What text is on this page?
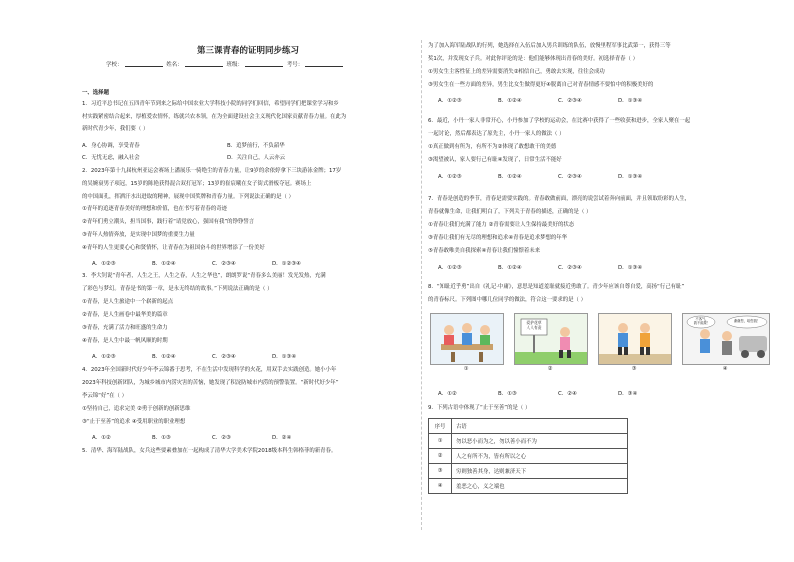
第三课青春的证明同步练习
学校：	姓名：	班级：	考号：
一、选择题
1．习近平总书记在五四青年节到来之际给中国农业大学科技小院的同学们回信，希望同学们把课堂学习和乡
村实践紧密结合起来，厚植爱农情怀，练就兴农本领，在为全面建设社会主义现代化国家贡献青春力量。在此为
新时代青少年，我们要（ ）
A．身心协调，享受青春	B．追梦前行，不负韶华
C．无忧无虑，融入社会	D．关注自己，人云亦云
2．2023年第十九届杭州亚运会赛场上潘展乐一骑绝尘的青春力量，让9岁的余依婷拿下三块游泳金牌；17岁
的吴婉衰男子项冠，15岁的陈艳获得混合双打冠军；13岁的崔宸曦在女子街式滑板夺冠。赛场上
的中国面孔，挥洒汗水出进取的精神，展现中国奖牌和青春力量。下列说法正确的是（ ）
①青年的追逐青春美好的理想和价值，也在书写着青春的奇迹
②青年们勇立潮头，担当国事，践行着“请党放心，强国有我”的铮铮誓言
③青年人热情奔放，是实现中国梦的重要生力量
④青年的人生更要心心和贤情怀，让青春在为祖国奋斗的世界增添了一份美好
A．①②③	B．①②④	C．②③④	D．①②③④
3．李大钊说“青年者，人生之王，人生之春，人生之华也”，朗朗罗说“青春多么美丽！发光发热，充满
了彩色与梦幻。青春是书的第一章，是永无终结的故事。”下列说法正确的是（ ）
①青春，是人生旅途中一个崭新的起点
②青春，是人生画卷中最华美的篇章
③青春，充满了活力和旺盛的生命力
④青春，是人生中最一帆风顺的时期
A．①②③	B．①②④	C．②③④	D．①③④
4．2023年全国新时代好少年李云锦番于思考，不在生活中发现科学的火花，用双手去实践创造。她小小年
2023年科技创新团队，为城乡城市内涝灾害的苦恼，她发现了积淀防城市内涝的预警装置。“新时代好少年”
李云锦“好”在（ ）
①坚持自己，追求完美 ②勇于创新的创新思维
③“止于至善”的追求 ④受用职业的职业理想
A．①②	B．①③	C．②③	D．②④
5．清华、海军陆战队，女兵这些要素叠加在一起构成了清华大学美术学院2018级本科生韩格菲的新青春。
为了加入海军陆战队的行列，她选择在入伍后加入男兵训练的队伍，放慢里程军事比武第一，获得三等
奖1次，并发现女子兵。对此你评论的是：他们能够体现出青春的美好。初选择青春（ ）
①男女生主客性征上的差异需要消失②相信自己，勇敢去实现，往往会成功
③男女生在一些方面的差异，男生比女生做得更好④脱离自己对青春情感不要怕中的积极美好的
A．①②③	B．①②④	C．②③④	D．①③④
6．最近，小丹一家人非常开心，小丹参加了学校的运动会，在比赛中获得了一些收获和进步，全家人聚在一起
一起讨论，然后都表达了原先主，小丹一家人的做法（ ）
①真正做到有所为，有所不为②体现了敢想敢干的美德
③渴望被认，家人要行己有耻④发现了，日常生活不能好
A．①②③	B．①②④	C．②③④	D．①③④
7．青春是创造的季节，青春是需要实践的。青春敢做前面，漂亮的说尝试着奔向前面，并且领取纷彩的人生，
青春就像生命，让我们明白了，下列关于青春的描述，正确的是（ ）
①青春让我们充满了能力 ②青春需要让人生保持最美好的状态
③青春让我们有无尽的理想和追求④青春是追求梦想的年华
⑤青春敢唯美自我探索④青春让我们憧憬着未来
A．①②③	B．①②④	C．②③④	D．①③④
8．“知耻近乎勇”出自《礼记·中庸》，意思是知道羞耻就接近勇敢了。青少年应该自尊自爱，高扬“行己有耻”
的青春标尺。下列图中哪几位同学的做法，符合这一要求的是（ ）
①
爱护花草
人人有责
②	③
不客气，
我不能要！	谢谢您，给您钱！
④
A．①②	B．①③	C．②④	D．③④
9．下列古语中体现了“止于至善”的是（ ）
序号	古语
①	勿以恶小而为之，勿以善小而不为
②	人之有所不为，皆有所以之心
③	穷则独善其身，达则兼济天下
④	羞恶之心，义之端也
